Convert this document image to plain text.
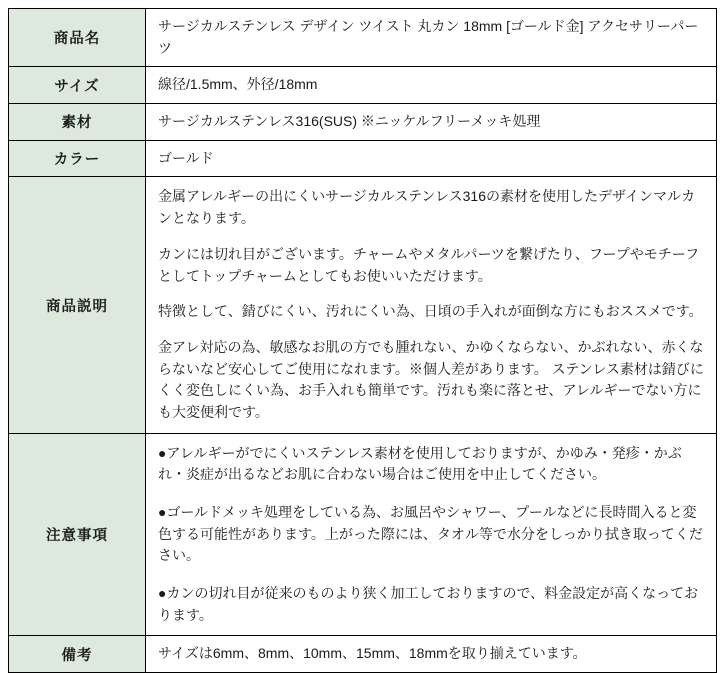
商品名	サージカルステンレス デザイン ツイスト 丸カン 18mm [ゴールド金] アクセサリーパーツ
サイズ	線径/1.5mm、外径/18mm
素材	サージカルステンレス316(SUS) ※ニッケルフリーメッキ処理
カラー	ゴールド
商品説明	金属アレルギーの出にくいサージカルステンレス316の素材を使用したデザインマルカンとなります。

カンには切れ目がございます。チャームやメタルパーツを繋げたり、フープやモチーフとしてトップチャームとしてもお使いいただけます。

特徴として、錆びにくい、汚れにくい為、日頃の手入れが面倒な方にもおススメです。

金アレ対応の為、敏感なお肌の方でも腫れない、かゆくならない、かぶれない、赤くならないなど安心してご使用になれます。※個人差があります。 ステンレス素材は錆びにくく変色しにくい為、お手入れも簡単です。汚れも楽に落とせ、アレルギーでない方にも大変便利です。

注意事項	●アレルギーがでにくいステンレス素材を使用しておりますが、かゆみ・発疹・かぶれ・炎症が出るなどお肌に合わない場合はご使用を中止してください。

●ゴールドメッキ処理をしている為、お風呂やシャワー、プールなどに長時間入ると変色する可能性があります。上がった際には、タオル等で水分をしっかり拭き取ってください。

●カンの切れ目が従来のものより狭く加工しておりますので、料金設定が高くなっております。

備考	サイズは6mm、8mm、10mm、15mm、18mmを取り揃えています。
